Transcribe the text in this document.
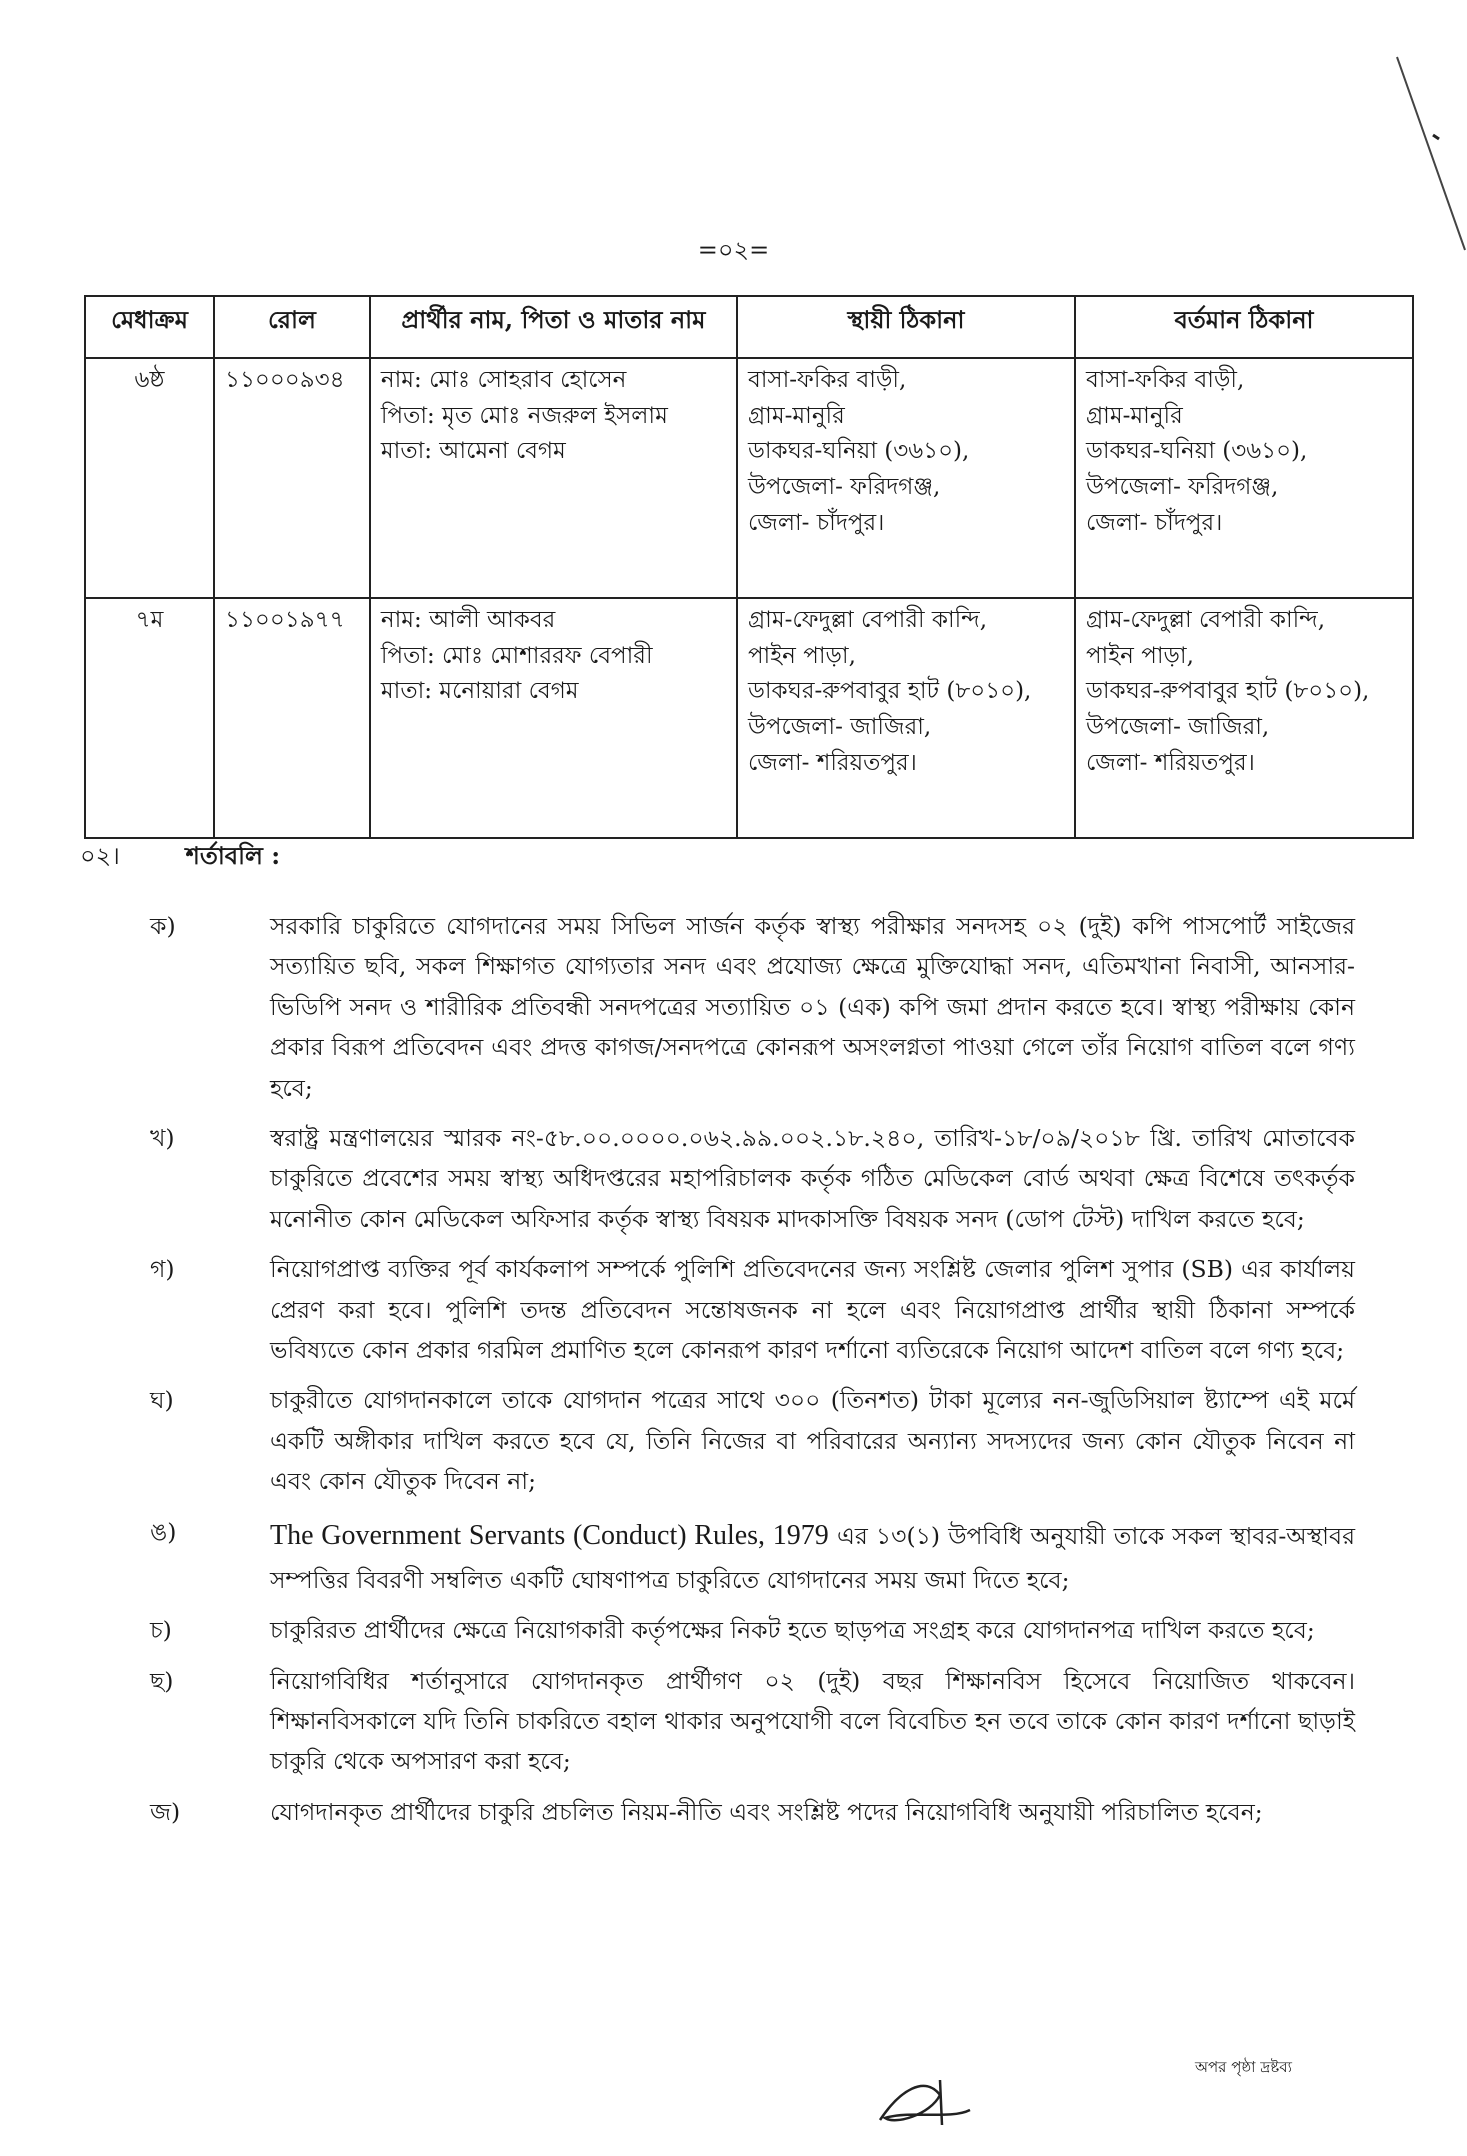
=০২=
মেধাক্রম	রোল	প্রার্থীর নাম, পিতা ও মাতার নাম	স্থায়ী ঠিকানা	বর্তমান ঠিকানা
৬ষ্ঠ	১১০০০৯৩৪	নাম: মোঃ সোহরাব হোসেন
পিতা: মৃত মোঃ নজরুল ইসলাম
মাতা: আমেনা বেগম	বাসা-ফকির বাড়ী,
গ্রাম-মানুরি
ডাকঘর-ঘনিয়া (৩৬১০),
উপজেলা- ফরিদগঞ্জ,
জেলা- চাঁদপুর।	বাসা-ফকির বাড়ী,
গ্রাম-মানুরি
ডাকঘর-ঘনিয়া (৩৬১০),
উপজেলা- ফরিদগঞ্জ,
জেলা- চাঁদপুর।

৭ম	১১০০১৯৭৭	নাম: আলী আকবর
পিতা: মোঃ মোশাররফ বেপারী
মাতা: মনোয়ারা বেগম	গ্রাম-ফেদুল্লা বেপারী কান্দি,
পাইন পাড়া,
ডাকঘর-রুপবাবুর হাট (৮০১০),
উপজেলা- জাজিরা,
জেলা- শরিয়তপুর।	গ্রাম-ফেদুল্লা বেপারী কান্দি,
পাইন পাড়া,
ডাকঘর-রুপবাবুর হাট (৮০১০),
উপজেলা- জাজিরা,
জেলা- শরিয়তপুর।
০২।	শর্তাবলি :
ক)	সরকারি চাকুরিতে যোগদানের সময় সিভিল সার্জন কর্তৃক স্বাস্থ্য পরীক্ষার সনদসহ ০২ (দুই) কপি পাসপোর্ট সাইজের সত্যায়িত ছবি, সকল শিক্ষাগত যোগ্যতার সনদ এবং প্রযোজ্য ক্ষেত্রে মুক্তিযোদ্ধা সনদ, এতিমখানা নিবাসী, আনসার-ভিডিপি সনদ ও শারীরিক প্রতিবন্ধী সনদপত্রের সত্যায়িত ০১ (এক) কপি জমা প্রদান করতে হবে। স্বাস্থ্য পরীক্ষায় কোন প্রকার বিরূপ প্রতিবেদন এবং প্রদত্ত কাগজ/সনদপত্রে কোনরূপ অসংলগ্নতা পাওয়া গেলে তাঁর নিয়োগ বাতিল বলে গণ্য হবে;
খ)	স্বরাষ্ট্র মন্ত্রণালয়ের স্মারক নং-৫৮.০০.০০০০.০৬২.৯৯.০০২.১৮.২৪০, তারিখ-১৮/০৯/২০১৮ খ্রি. তারিখ মোতাবেক চাকুরিতে প্রবেশের সময় স্বাস্থ্য অধিদপ্তরের মহাপরিচালক কর্তৃক গঠিত মেডিকেল বোর্ড অথবা ক্ষেত্র বিশেষে তৎকর্তৃক মনোনীত কোন মেডিকেল অফিসার কর্তৃক স্বাস্থ্য বিষয়ক মাদকাসক্তি বিষয়ক সনদ (ডোপ টেস্ট) দাখিল করতে হবে;
গ)	নিয়োগপ্রাপ্ত ব্যক্তির পূর্ব কার্যকলাপ সম্পর্কে পুলিশি প্রতিবেদনের জন্য সংশ্লিষ্ট জেলার পুলিশ সুপার (SB) এর কার্যালয় প্রেরণ করা হবে। পুলিশি তদন্ত প্রতিবেদন সন্তোষজনক না হলে এবং নিয়োগপ্রাপ্ত প্রার্থীর স্থায়ী ঠিকানা সম্পর্কে ভবিষ্যতে কোন প্রকার গরমিল প্রমাণিত হলে কোনরূপ কারণ দর্শানো ব্যতিরেকে নিয়োগ আদেশ বাতিল বলে গণ্য হবে;
ঘ)	চাকুরীতে যোগদানকালে তাকে যোগদান পত্রের সাথে ৩০০ (তিনশত) টাকা মূল্যের নন-জুডিসিয়াল ষ্ট্যাম্পে এই মর্মে একটি অঙ্গীকার দাখিল করতে হবে যে, তিনি নিজের বা পরিবারের অন্যান্য সদস্যদের জন্য কোন যৌতুক নিবেন না এবং কোন যৌতুক দিবেন না;
ঙ)	The Government Servants (Conduct) Rules, 1979 এর ১৩(১) উপবিধি অনুযায়ী তাকে সকল স্থাবর-অস্থাবর সম্পত্তির বিবরণী সম্বলিত একটি ঘোষণাপত্র চাকুরিতে যোগদানের সময় জমা দিতে হবে;
চ)	চাকুরিরত প্রার্থীদের ক্ষেত্রে নিয়োগকারী কর্তৃপক্ষের নিকট হতে ছাড়পত্র সংগ্রহ করে যোগদানপত্র দাখিল করতে হবে;
ছ)	নিয়োগবিধির শর্তানুসারে যোগদানকৃত প্রার্থীগণ ০২ (দুই) বছর শিক্ষানবিস হিসেবে নিয়োজিত থাকবেন। শিক্ষানবিসকালে যদি তিনি চাকরিতে বহাল থাকার অনুপযোগী বলে বিবেচিত হন তবে তাকে কোন কারণ দর্শানো ছাড়াই চাকুরি থেকে অপসারণ করা হবে;
জ)	যোগদানকৃত প্রার্থীদের চাকুরি প্রচলিত নিয়ম-নীতি এবং সংশ্লিষ্ট পদের নিয়োগবিধি অনুযায়ী পরিচালিত হবেন;
অপর পৃষ্ঠা দ্রষ্টব্য
